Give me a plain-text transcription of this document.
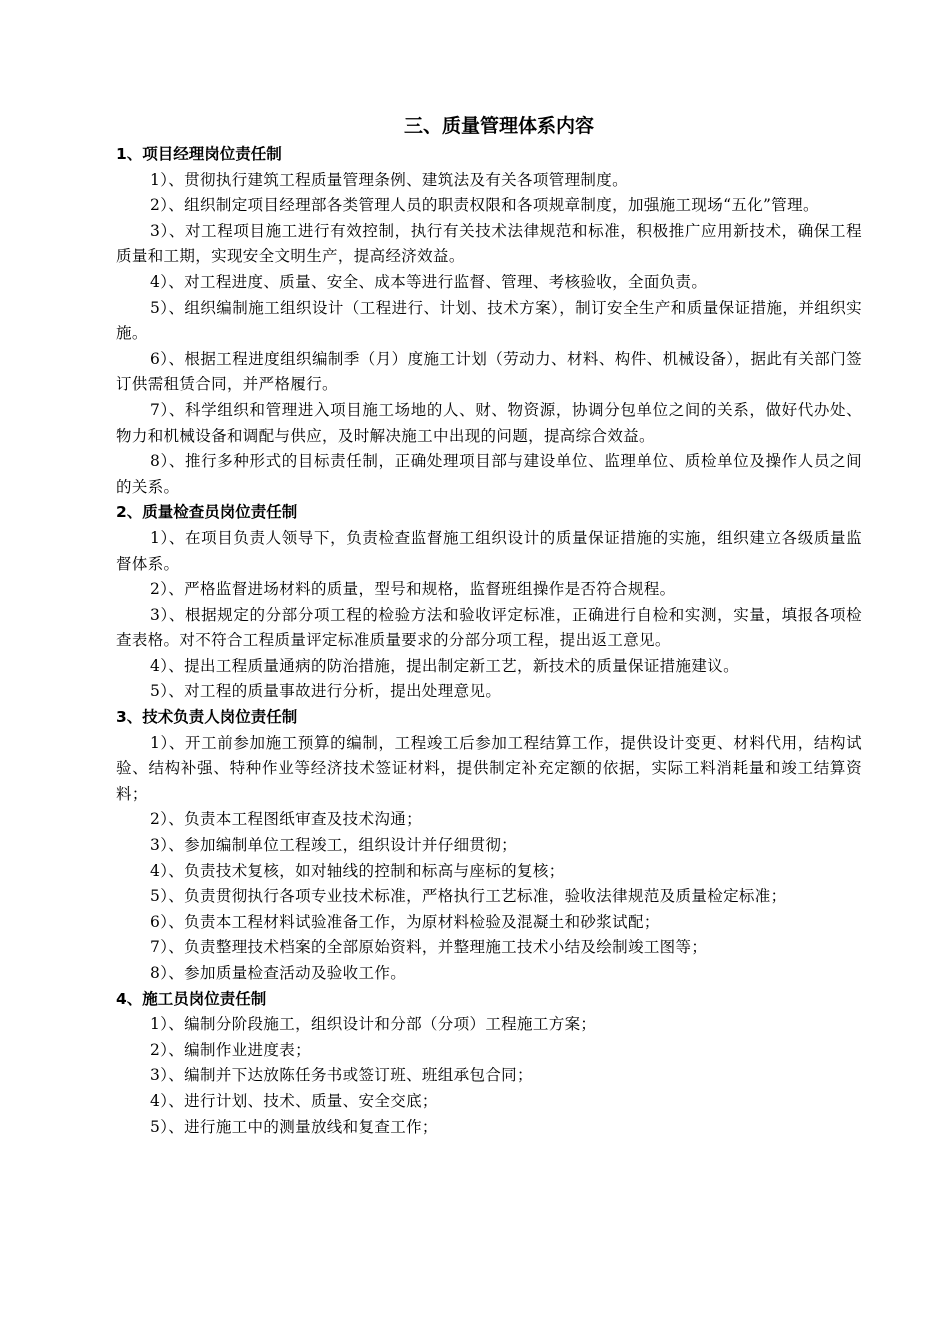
三、质量管理体系内容
1、项目经理岗位责任制

1）、贯彻执行建筑工程质量管理条例、建筑法及有关各项管理制度。

2）、组织制定项目经理部各类管理人员的职责权限和各项规章制度，加强施工现场“五化”管理。

3）、对工程项目施工进行有效控制，执行有关技术法律规范和标准，积极推广应用新技术，确保工程质量和工期，实现安全文明生产，提高经济效益。

4）、对工程进度、质量、安全、成本等进行监督、管理、考核验收，全面负责。

5）、组织编制施工组织设计（工程进行、计划、技术方案），制订安全生产和质量保证措施，并组织实施。

6）、根据工程进度组织编制季（月）度施工计划（劳动力、材料、构件、机械设备），据此有关部门签订供需租赁合同，并严格履行。

7）、科学组织和管理进入项目施工场地的人、财、物资源，协调分包单位之间的关系，做好代办处、物力和机械设备和调配与供应，及时解决施工中出现的问题，提高综合效益。

8）、推行多种形式的目标责任制，正确处理项目部与建设单位、监理单位、质检单位及操作人员之间的关系。

2、质量检查员岗位责任制

1）、在项目负责人领导下，负责检查监督施工组织设计的质量保证措施的实施，组织建立各级质量监督体系。

2）、严格监督进场材料的质量，型号和规格，监督班组操作是否符合规程。

3）、根据规定的分部分项工程的检验方法和验收评定标准，正确进行自检和实测，实量，填报各项检查表格。对不符合工程质量评定标准质量要求的分部分项工程，提出返工意见。

4）、提出工程质量通病的防治措施，提出制定新工艺，新技术的质量保证措施建议。

5）、对工程的质量事故进行分析，提出处理意见。

3、技术负责人岗位责任制

1）、开工前参加施工预算的编制，工程竣工后参加工程结算工作，提供设计变更、材料代用，结构试验、结构补强、特种作业等经济技术签证材料，提供制定补充定额的依据，实际工料消耗量和竣工结算资料；

2）、负责本工程图纸审查及技术沟通；

3）、参加编制单位工程竣工，组织设计并仔细贯彻；

4）、负责技术复核，如对轴线的控制和标高与座标的复核；

5）、负责贯彻执行各项专业技术标准，严格执行工艺标准，验收法律规范及质量检定标准；

6）、负责本工程材料试验准备工作，为原材料检验及混凝土和砂浆试配；

7）、负责整理技术档案的全部原始资料，并整理施工技术小结及绘制竣工图等；

8）、参加质量检查活动及验收工作。

4、施工员岗位责任制

1）、编制分阶段施工，组织设计和分部（分项）工程施工方案；

2）、编制作业进度表；

3）、编制并下达放陈任务书或签订班、班组承包合同；

4）、进行计划、技术、质量、安全交底；

5）、进行施工中的测量放线和复查工作；
